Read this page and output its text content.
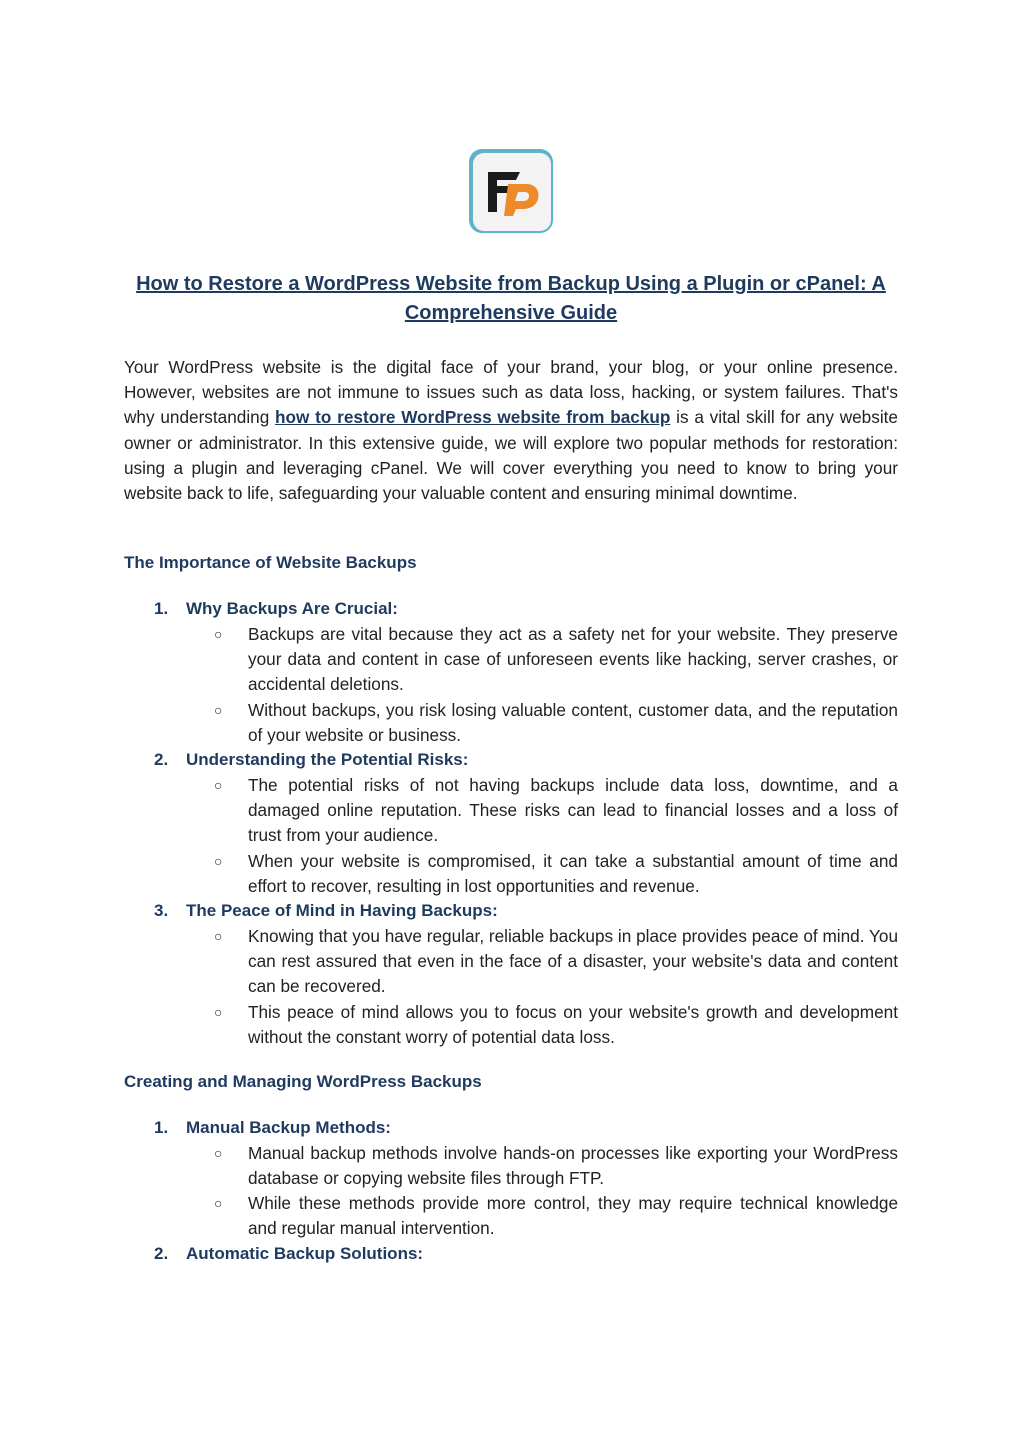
How to Restore a WordPress Website from Backup Using a Plugin or cPanel: A Comprehensive Guide
Your WordPress website is the digital face of your brand, your blog, or your online presence. However, websites are not immune to issues such as data loss, hacking, or system failures. That's why understanding how to restore WordPress website from backup is a vital skill for any website owner or administrator. In this extensive guide, we will explore two popular methods for restoration: using a plugin and leveraging cPanel. We will cover everything you need to know to bring your website back to life, safeguarding your valuable content and ensuring minimal downtime.
The Importance of Website Backups
1. Why Backups Are Crucial:
○ Backups are vital because they act as a safety net for your website. They preserve your data and content in case of unforeseen events like hacking, server crashes, or accidental deletions.
○ Without backups, you risk losing valuable content, customer data, and the reputation of your website or business.
2. Understanding the Potential Risks:
○ The potential risks of not having backups include data loss, downtime, and a damaged online reputation. These risks can lead to financial losses and a loss of trust from your audience.
○ When your website is compromised, it can take a substantial amount of time and effort to recover, resulting in lost opportunities and revenue.
3. The Peace of Mind in Having Backups:
○ Knowing that you have regular, reliable backups in place provides peace of mind. You can rest assured that even in the face of a disaster, your website's data and content can be recovered.
○ This peace of mind allows you to focus on your website's growth and development without the constant worry of potential data loss.
Creating and Managing WordPress Backups
1. Manual Backup Methods:
○ Manual backup methods involve hands-on processes like exporting your WordPress database or copying website files through FTP.
○ While these methods provide more control, they may require technical knowledge and regular manual intervention.
2. Automatic Backup Solutions:
